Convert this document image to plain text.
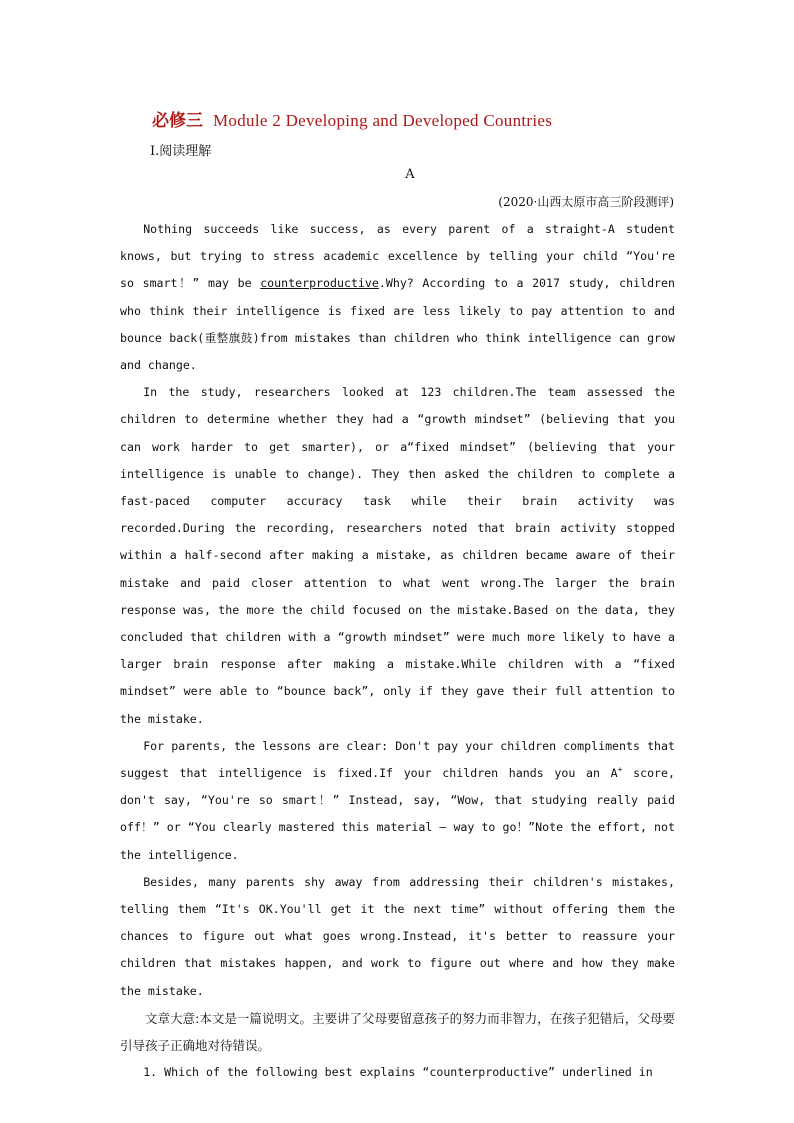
必修三 Module 2 Developing and Developed Countries
Ⅰ.阅读理解
A
(2020·山西太原市高三阶段测评)

Nothing succeeds like success, as every parent of a straight-A student knows, but trying to stress academic excellence by telling your child “You're so smart！” may be counterproductive.Why? According to a 2017 study, children who think their intelligence is fixed are less likely to pay attention to and bounce back(重整旗鼓)from mistakes than children who think intelligence can grow and change.

In the study, researchers looked at 123 children.The team assessed the children to determine whether they had a “growth mindset” (believing that you can work harder to get smarter), or a“fixed mindset” (believing that your intelligence is unable to change). They then asked the children to complete a fast-paced computer accuracy task while their brain activity was recorded.During the recording, researchers noted that brain activity stopped within a half-second after making a mistake, as children became aware of their mistake and paid closer attention to what went wrong.The larger the brain response was, the more the child focused on the mistake.Based on the data, they concluded that children with a “growth mindset” were much more likely to have a larger brain response after making a mistake.While children with a “fixed mindset” were able to “bounce back”, only if they gave their full attention to the mistake.

For parents, the lessons are clear: Don't pay your children compliments that suggest that intelligence is fixed.If your children hands you an A+ score, don't say, “You're so smart！” Instead, say, “Wow, that studying really paid off！” or “You clearly mastered this material — way to go！”Note the effort, not the intelligence.

Besides, many parents shy away from addressing their children's mistakes, telling them “It's OK.You'll get it the next time” without offering them the chances to figure out what goes wrong.Instead, it's better to reassure your children that mistakes happen, and work to figure out where and how they make the mistake.

文章大意:本文是一篇说明文。主要讲了父母要留意孩子的努力而非智力，在孩子犯错后，父母要引导孩子正确地对待错误。

1. Which of the following best explains “counterproductive” underlined in
